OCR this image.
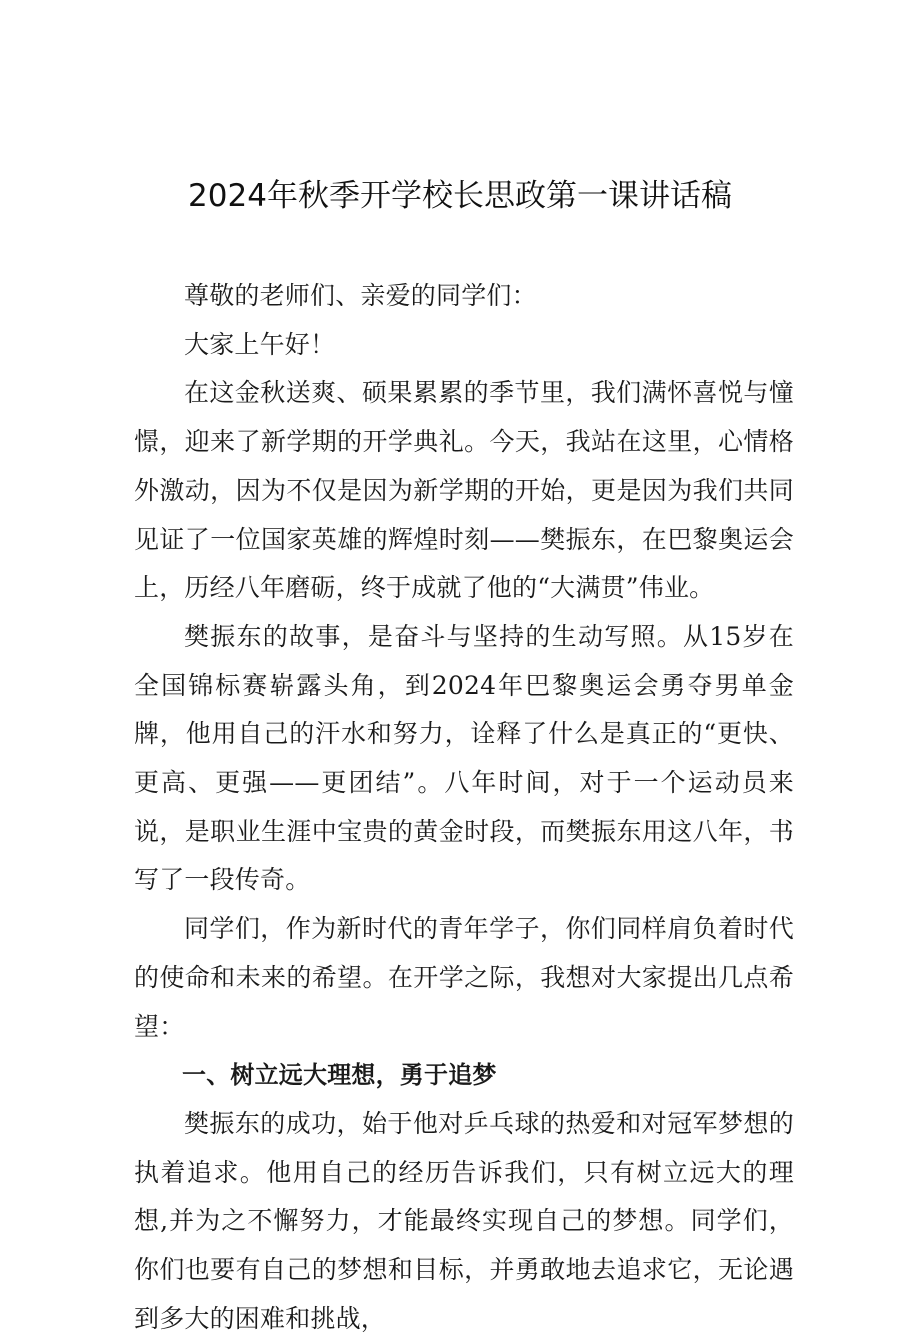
2024年秋季开学校长思政第一课讲话稿

尊敬的老师们、亲爱的同学们：

大家上午好！

在这金秋送爽、硕果累累的季节里，我们满怀喜悦与憧憬，迎来了新学期的开学典礼。今天，我站在这里，心情格外激动，因为不仅是因为新学期的开始，更是因为我们共同见证了一位国家英雄的辉煌时刻——樊振东，在巴黎奥运会上，历经八年磨砺，终于成就了他的“大满贯”伟业。

樊振东的故事，是奋斗与坚持的生动写照。从15岁在全国锦标赛崭露头角，到2024年巴黎奥运会勇夺男单金牌，他用自己的汗水和努力，诠释了什么是真正的“更快、更高、更强——更团结”。八年时间，对于一个运动员来说，是职业生涯中宝贵的黄金时段，而樊振东用这八年，书写了一段传奇。

同学们，作为新时代的青年学子，你们同样肩负着时代的使命和未来的希望。在开学之际，我想对大家提出几点希望：

一、树立远大理想，勇于追梦

樊振东的成功，始于他对乒乓球的热爱和对冠军梦想的执着追求。他用自己的经历告诉我们，只有树立远大的理想,并为之不懈努力，才能最终实现自己的梦想。同学们，你们也要有自己的梦想和目标，并勇敢地去追求它，无论遇到多大的困难和挑战，
